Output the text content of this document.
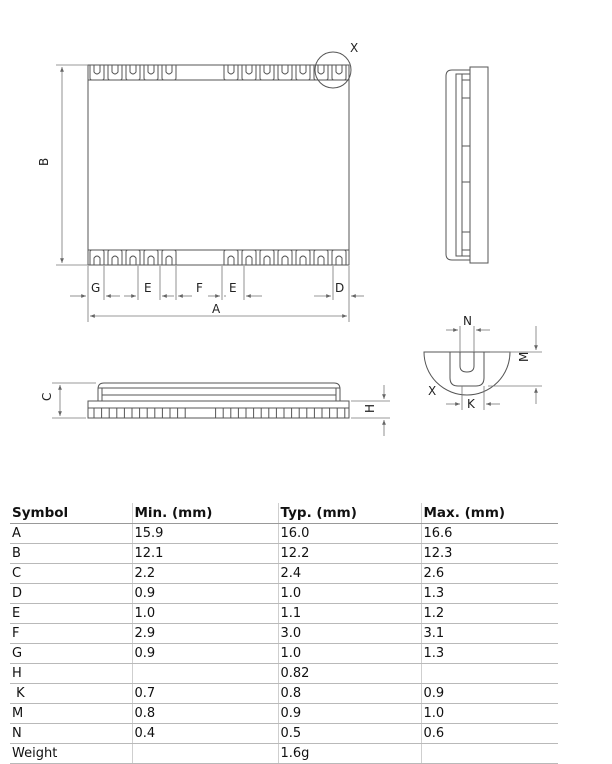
X
B
G	E	F E	D
A
C
H
N
M
K
X
Symbol	Min. (mm)	Typ. (mm)	Max. (mm)
A	15.9	16.0	16.6
B	12.1	12.2	12.3
C	2.2	2.4	2.6
D	0.9	1.0	1.3
E	1.0	1.1	1.2
F	2.9	3.0	3.1
G	0.9	1.0	1.3
H		0.82	
K	0.7	0.8	0.9
M	0.8	0.9	1.0
N	0.4	0.5	0.6
Weight		1.6g	
